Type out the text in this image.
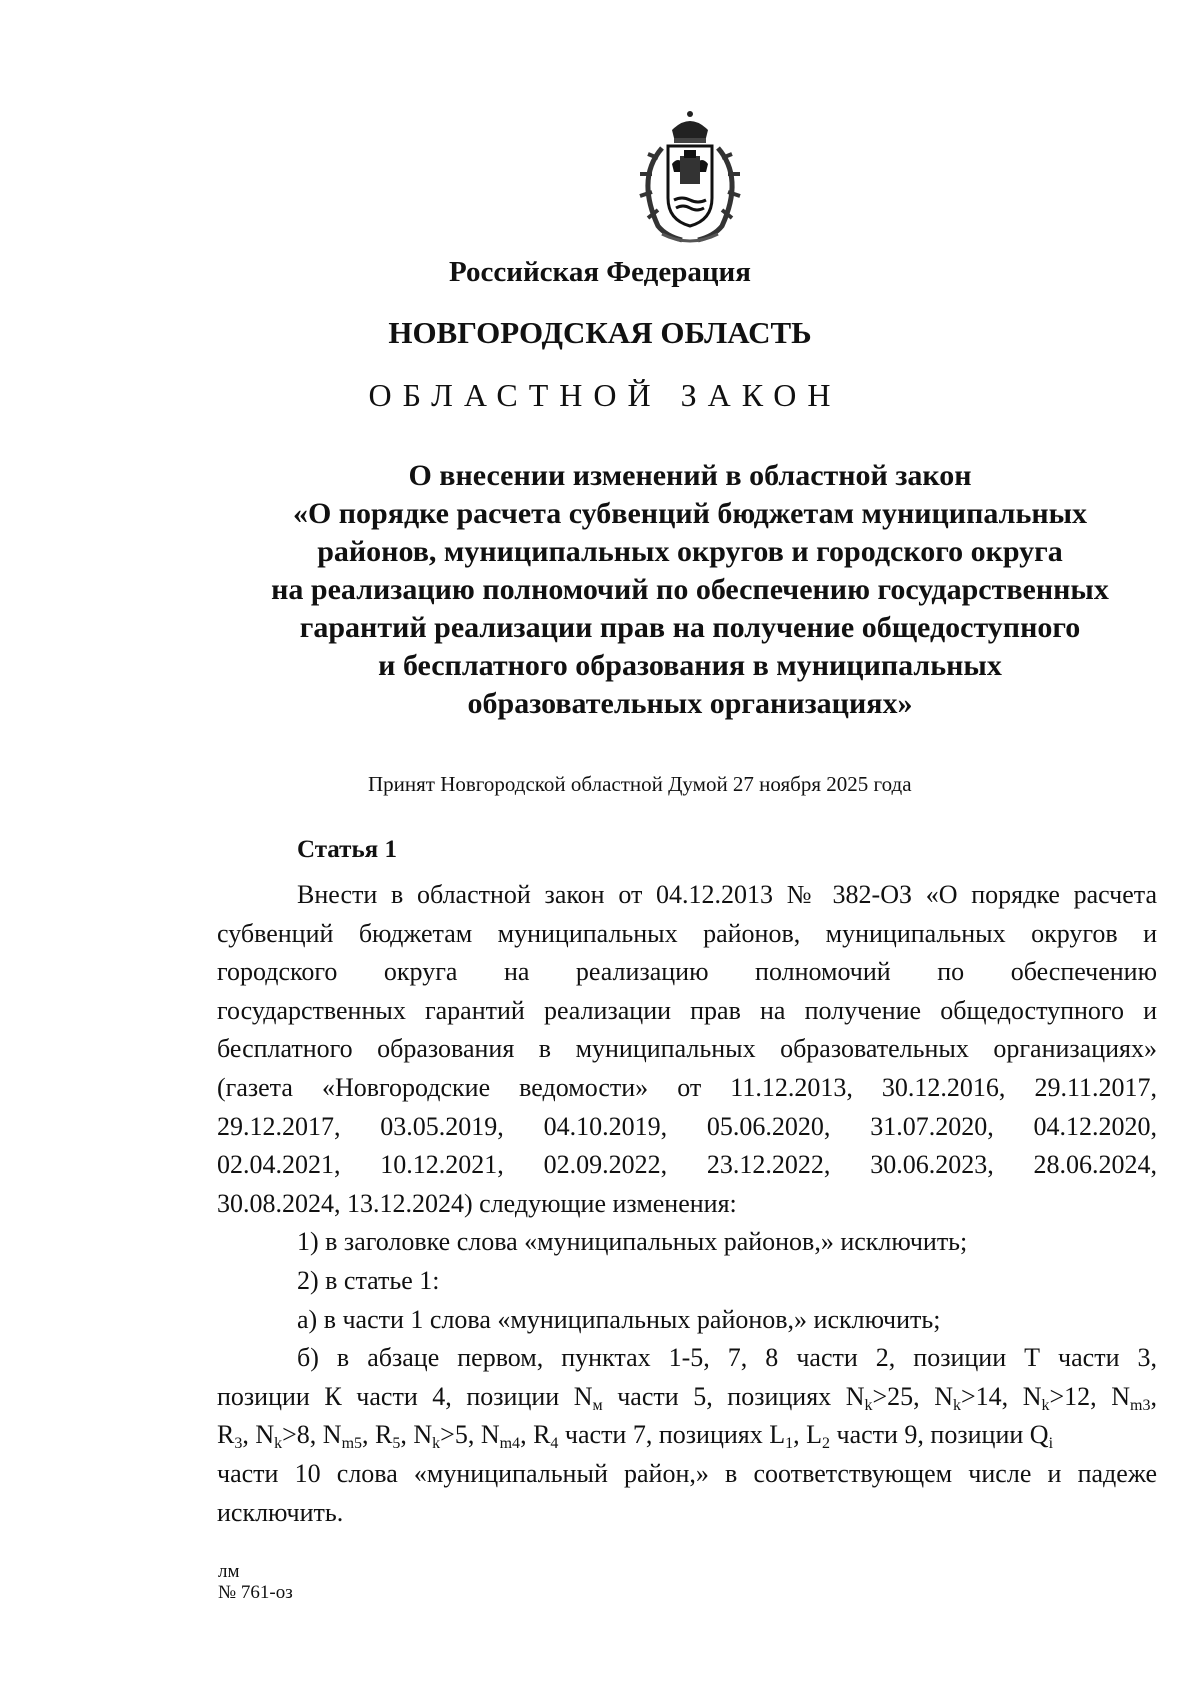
Российская Федерация
НОВГОРОДСКАЯ ОБЛАСТЬ
ОБЛАСТНОЙ ЗАКОН
О внесении изменений в областной закон
«О порядке расчета субвенций бюджетам муниципальных
районов, муниципальных округов и городского округа
на реализацию полномочий по обеспечению государственных
гарантий реализации прав на получение общедоступного
и бесплатного образования в муниципальных
образовательных организациях»
Принят Новгородской областной Думой 27 ноября 2025 года
Статья 1
Внести в областной закон от 04.12.2013 № 382-ОЗ «О порядке расчета
субвенций бюджетам муниципальных районов, муниципальных округов и
городского округа на реализацию полномочий по обеспечению
государственных гарантий реализации прав на получение общедоступного и
бесплатного образования в муниципальных образовательных организациях»
(газета «Новгородские ведомости» от 11.12.2013, 30.12.2016, 29.11.2017,
29.12.2017, 03.05.2019, 04.10.2019, 05.06.2020, 31.07.2020, 04.12.2020,
02.04.2021, 10.12.2021, 02.09.2022, 23.12.2022, 30.06.2023, 28.06.2024,
30.08.2024, 13.12.2024) следующие изменения:
1) в заголовке слова «муниципальных районов,» исключить;
2) в статье 1:
а) в части 1 слова «муниципальных районов,» исключить;
б) в абзаце первом, пунктах 1-5, 7, 8 части 2, позиции Т части 3,
позиции К части 4, позиции $N_м$ части 5, позициях $N_k>25$, $N_k>14$, $N_k>12$, $N_{m3}$,
$R_3$, $N_k>8$, $N_{m5}$, $R_5$, $N_k>5$, $N_{m4}$, $R_4$ части 7, позициях $L_1$, $L_2$ части 9, позиции $Q_i$
части 10 слова «муниципальный район,» в соответствующем числе и падеже
исключить.
лм
№ 761-оз
